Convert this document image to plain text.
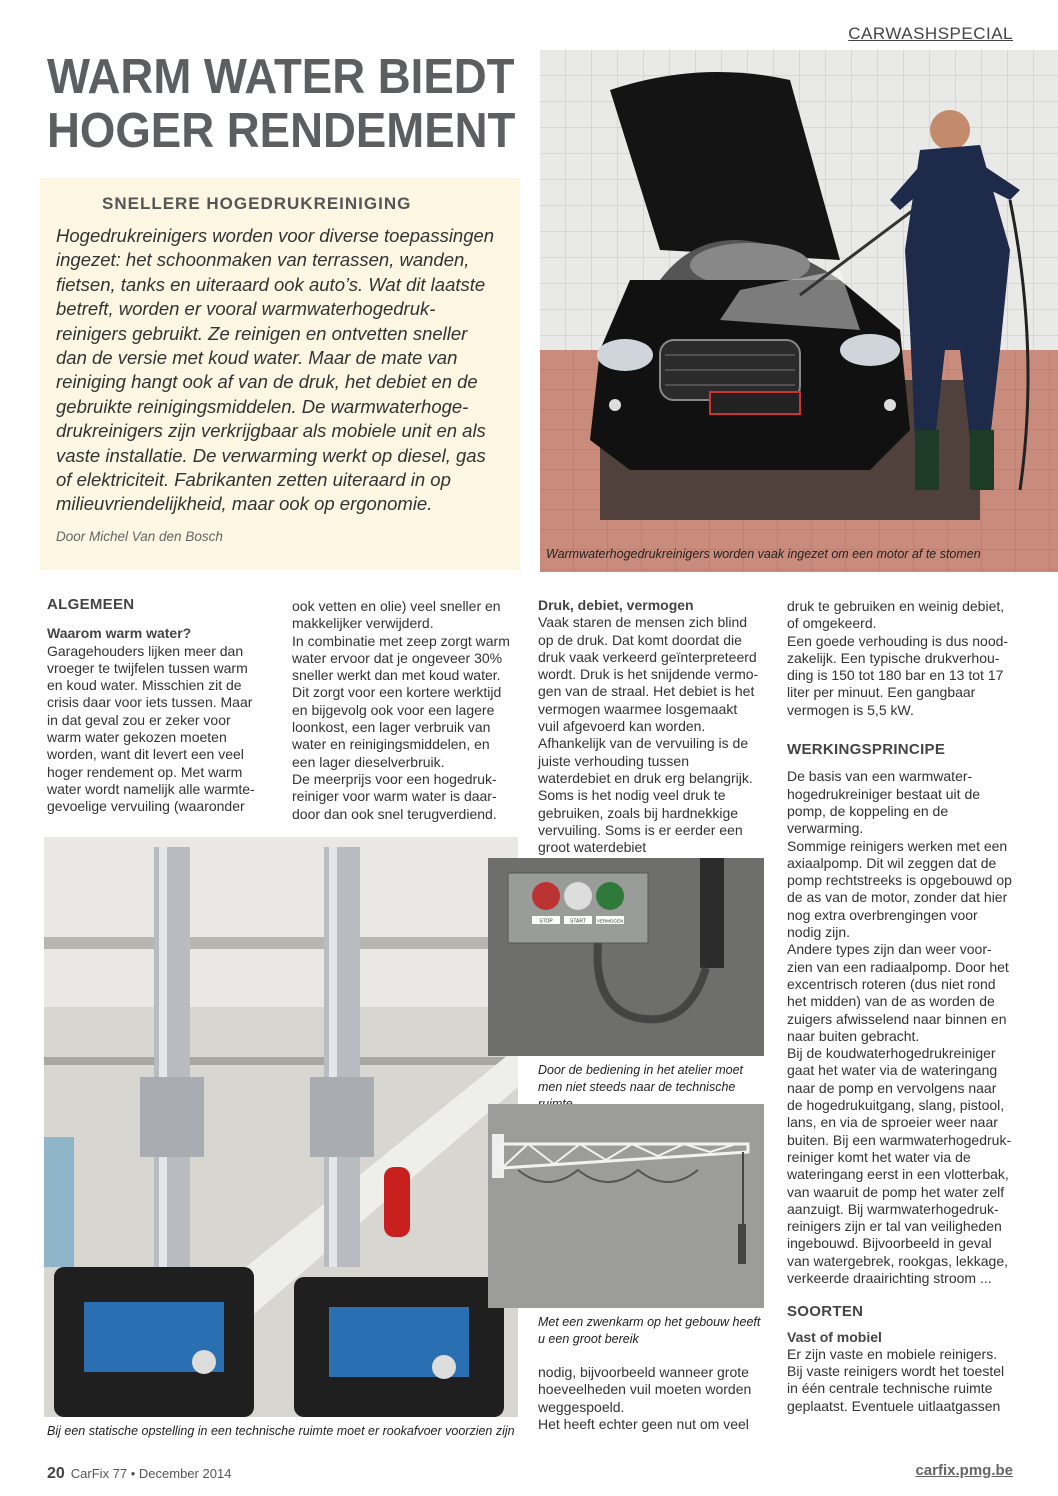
CARWASHSPECIAL
WARM WATER BIEDT
HOGER RENDEMENT
SNELLERE HOGEDRUKREINIGING

Hogedrukreinigers worden voor diverse toepassingen ingezet: het schoonmaken van terrassen, wanden, fietsen, tanks en uiteraard ook auto’s. Wat dit laatste betreft, worden er vooral warmwaterhogedruk-reinigers gebruikt. Ze reinigen en ontvetten sneller dan de versie met koud water. Maar de mate van reiniging hangt ook af van de druk, het debiet en de gebruikte reinigingsmiddelen. De warmwaterhoge-drukreinigers zijn verkrijgbaar als mobiele unit en als vaste installatie. De verwarming werkt op diesel, gas of elektriciteit. Fabrikanten zetten uiteraard in op milieuvriendelijkheid, maar ook op ergonomie.

Door Michel Van den Bosch
Warmwaterhogedrukreinigers worden vaak ingezet om een motor af te stomen
ALGEMEEN
Waarom warm water?

Garagehouders lijken meer dan vroeger te twijfelen tussen warm en koud water. Misschien zit de crisis daar voor iets tussen. Maar in dat geval zou er zeker voor warm water gekozen moeten worden, want dit levert een veel hoger rendement op. Met warm water wordt namelijk alle warmte-gevoelige vervuiling (waaronder

ook vetten en olie) veel sneller en makkelijker verwijderd.

In combinatie met zeep zorgt warm water ervoor dat je ongeveer 30% sneller werkt dan met koud water. Dit zorgt voor een kortere werktijd en bijgevolg ook voor een lagere loonkost, een lager verbruik van water en reinigingsmiddelen, en een lager dieselverbruik.

De meerprijs voor een hogedruk-reiniger voor warm water is daar-door dan ook snel terugverdiend.

Druk, debiet, vermogen

Vaak staren de mensen zich blind op de druk. Dat komt doordat die druk vaak verkeerd geïnterpreteerd wordt. Druk is het snijdende vermo-gen van de straal. Het debiet is het vermogen waarmee losgemaakt vuil afgevoerd kan worden.

Afhankelijk van de vervuiling is de juiste verhouding tussen waterdebiet en druk erg belangrijk. Soms is het nodig veel druk te gebruiken, zoals bij hardnekkige vervuiling. Soms is er eerder een groot waterdebiet

druk te gebruiken en weinig debiet, of omgekeerd.

Een goede verhouding is dus nood-zakelijk. Een typische drukverhou-ding is 150 tot 180 bar en 13 tot 17 liter per minuut. Een gangbaar vermogen is 5,5 kW.

WERKINGSPRINCIPE

De basis van een warmwater-hogedrukreiniger bestaat uit de pomp, de koppeling en de verwarming.

Sommige reinigers werken met een axiaalpomp. Dit wil zeggen dat de pomp rechtstreeks is opgebouwd op de as van de motor, zonder dat hier nog extra overbrengingen voor nodig zijn.

Andere types zijn dan weer voor-zien van een radiaalpomp. Door het excentrisch roteren (dus niet rond het midden) van de as worden de zuigers afwisselend naar binnen en naar buiten gebracht.

Bij de koudwaterhogedrukreiniger gaat het water via de wateringang naar de pomp en vervolgens naar de hogedrukuitgang, slang, pistool, lans, en via de sproeier weer naar buiten. Bij een warmwaterhogedruk-reiniger komt het water via de wateringang eerst in een vlotterbak, van waaruit de pomp het water zelf aanzuigt. Bij warmwaterhogedruk-reinigers zijn er tal van veiligheden ingebouwd. Bijvoorbeeld in geval van watergebrek, rookgas, lekkage, verkeerde draairichting stroom ...

SOORTEN
Vast of mobiel

Er zijn vaste en mobiele reinigers. Bij vaste reinigers wordt het toestel in één centrale technische ruimte geplaatst. Eventuele uitlaatgassen

Bij een statische opstelling in een technische ruimte moet er rookafvoer voorzien zijn
STOP	START VERMOGEN
Door de bediening in het atelier moet men niet steeds naar de technische
Met een zwenkarm op het gebouw heeft u een groot bereik

nodig, bijvoorbeeld wanneer grote hoeveelheden vuil moeten worden weggespoeld.

Het heeft echter geen nut om veel

20 CarFix 77 • December 2014	carfix.pmg.be
